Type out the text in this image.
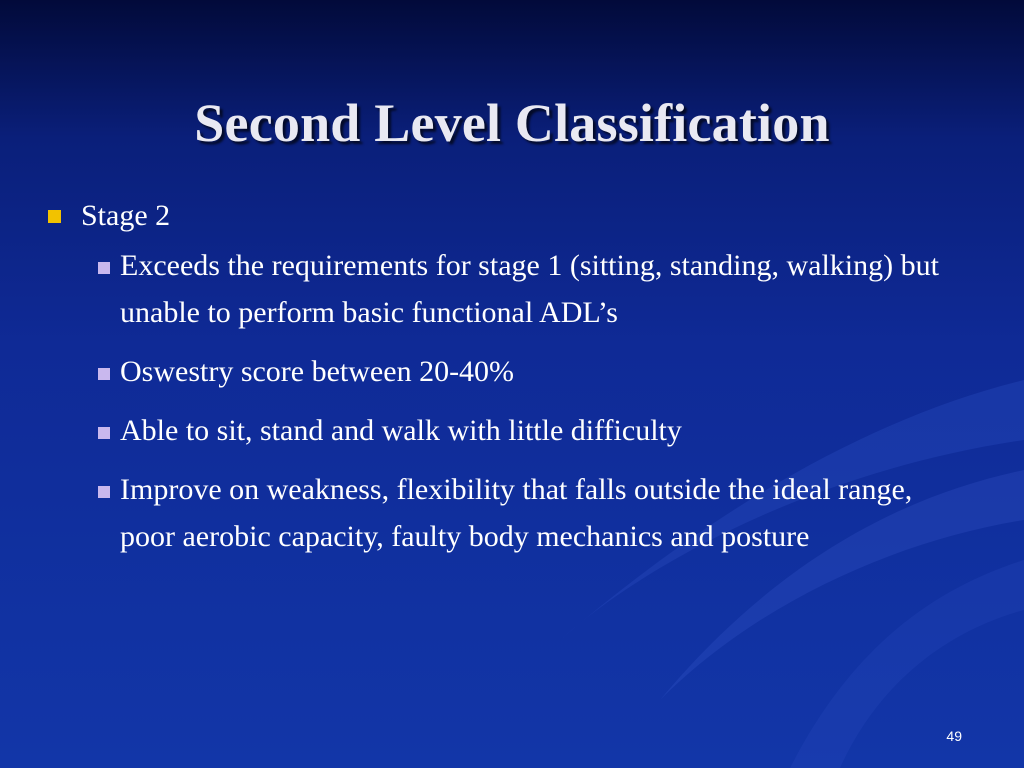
Second Level Classification
Stage 2
Exceeds the requirements for stage 1 (sitting, standing, walking) but unable to perform basic functional ADL’s
Oswestry score between 20-40%
Able to sit, stand and walk with little difficulty
Improve on weakness, flexibility that falls outside the ideal range, poor aerobic capacity, faulty body mechanics and posture
49
